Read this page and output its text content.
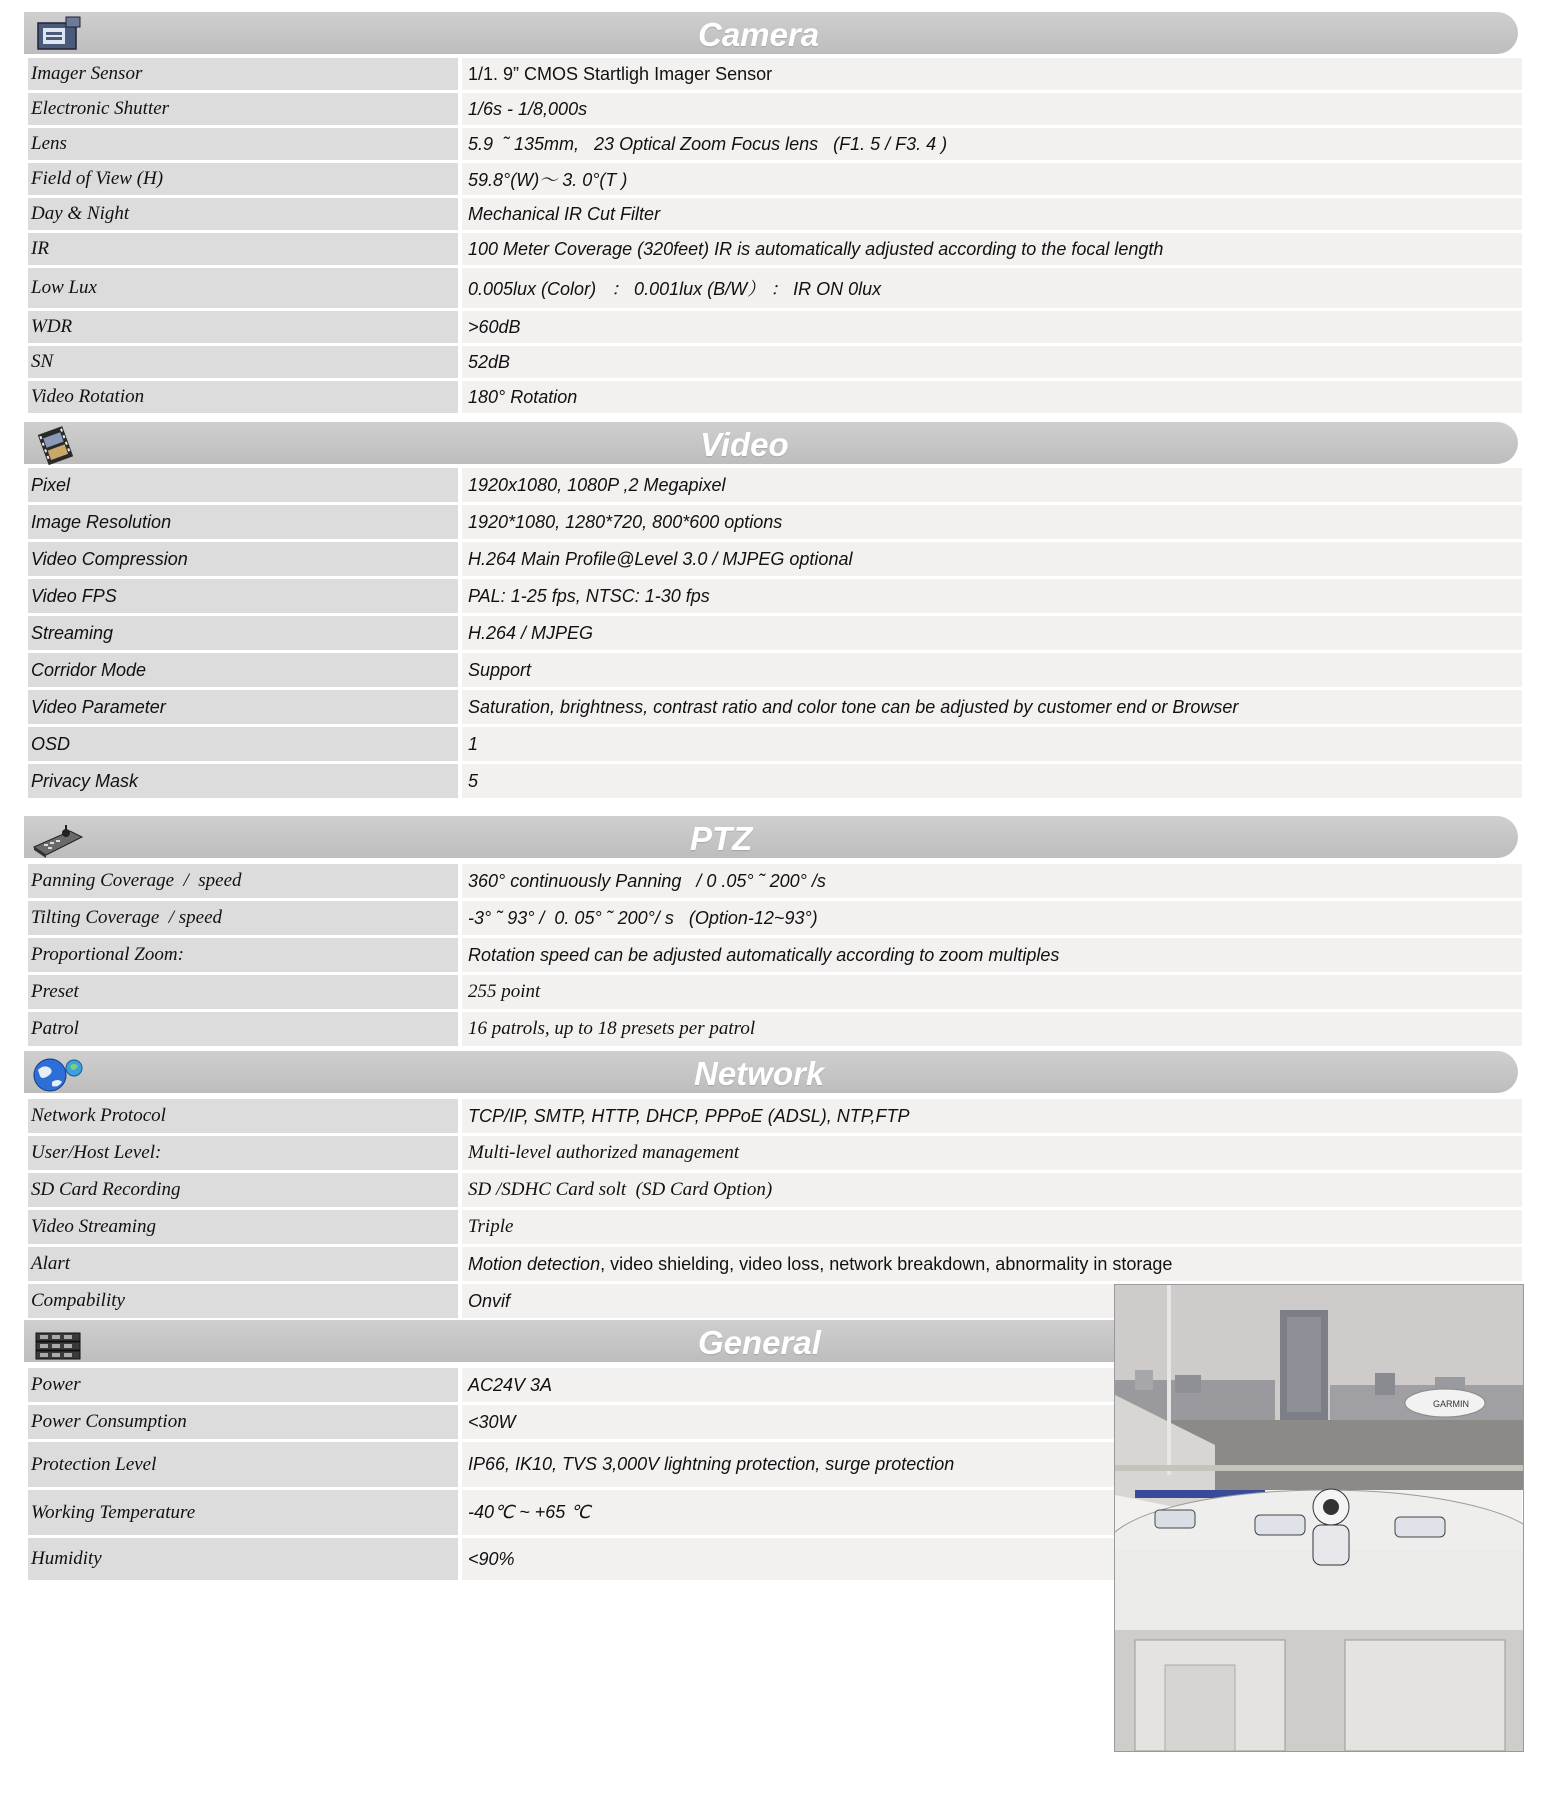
Camera
Imager Sensor	1/1. 9” CMOS Startligh Imager Sensor
Electronic Shutter	1/6s - 1/8,000s
Lens	5.9  ˜ 135mm,   23 Optical Zoom Focus lens   (F1. 5 / F3. 4 )
Field of View (H)	59.8°(W)～ 3. 0°(T )
Day & Night	Mechanical IR Cut Filter
IR	100 Meter Coverage (320feet) IR is automatically adjusted according to the focal length
Low Lux	0.005lux (Color)   ： 0.001lux (B/W） ： IR ON 0lux
WDR	>60dB
SN	52dB
Video Rotation	180° Rotation
Video
Pixel	1920x1080, 1080P ,2 Megapixel
Image Resolution	1920*1080, 1280*720, 800*600 options
Video Compression	H.264 Main Profile@Level 3.0 / MJPEG optional
Video FPS	PAL: 1-25 fps, NTSC: 1-30 fps
Streaming	H.264 / MJPEG
Corridor Mode	Support
Video Parameter	Saturation, brightness, contrast ratio and color tone can be adjusted by customer end or Browser
OSD	1
Privacy Mask	5
PTZ
Panning Coverage  /  speed	360° continuously Panning   / 0 .05° ˜ 200° /s
Tilting Coverage  / speed	-3° ˜ 93° /  0. 05° ˜ 200°/ s   (Option-12~93°)
Proportional Zoom:	Rotation speed can be adjusted automatically according to zoom multiples
Preset	255 point
Patrol	16 patrols, up to 18 presets per patrol
Network
Network Protocol	TCP/IP, SMTP, HTTP, DHCP, PPPoE (ADSL), NTP,FTP
User/Host Level:	Multi-level authorized management
SD Card Recording	SD /SDHC Card solt  (SD Card Option)
Video Streaming	Triple
Alart	Motion detection , video shielding, video loss, network breakdown, abnormality in storage
Compability	Onvif
General
Power	AC24V 3A
Power Consumption	<30W
Protection Level	IP66, IK10, TVS 3,000V lightning protection, surge protection
Working Temperature	-40℃ ~ +65 ℃
Humidity	<90%
GARMIN
